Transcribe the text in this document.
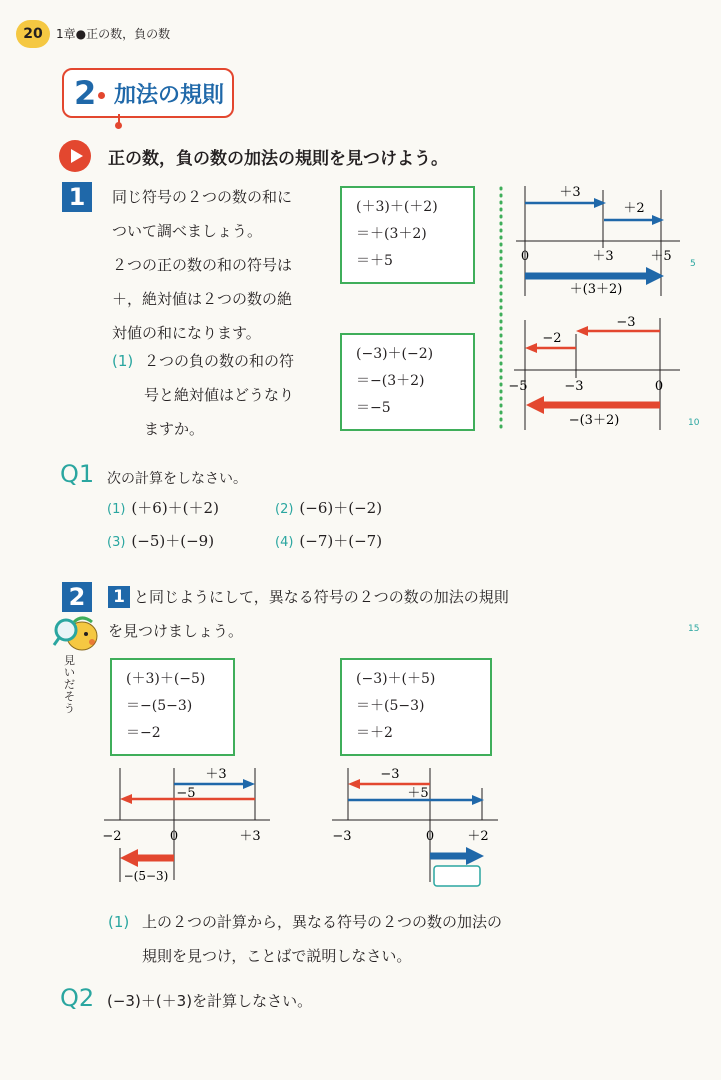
20	1章●正の数，負の数
2 加法の規則
正の数，負の数の加法の規則を見つけよう。
1	同じ符号の２つの数の和に
ついて調べましょう。
２つの正の数の和の符号は
＋，絶対値は２つの数の絶
対値の和になります。
(1) ２つの負の数の和の符
号と絶対値はどうなり
ますか。
(＋3)＋(＋2)
＝＋(3＋2)
＝＋5
(−3)＋(−2)
＝−(3＋2)
＝−5
＋3
＋2
0	＋3	＋5
＋(3＋2)
−3
−2
−5	−3	0
−(3＋2)
5
10
15
Q1 次の計算をしなさい。
(1) (＋6)＋(＋2)	(2) (−6)＋(−2)
(3) (−5)＋(−9)	(4) (−7)＋(−7)
2	1 と同じようにして，異なる符号の２つの数の加法の規則
を見つけましょう。
見いだそう
(＋3)＋(−5)
＝−(5−3)
＝−2
(−3)＋(＋5)
＝＋(5−3)
＝＋2
＋3
−5
−2	0	＋3
−(5−3)
−3
＋5
−3	0	＋2
(1) 上の２つの計算から，異なる符号の２つの数の加法の
規則を見つけ，ことばで説明しなさい。
Q2 (−3)＋(＋3)を計算しなさい。
